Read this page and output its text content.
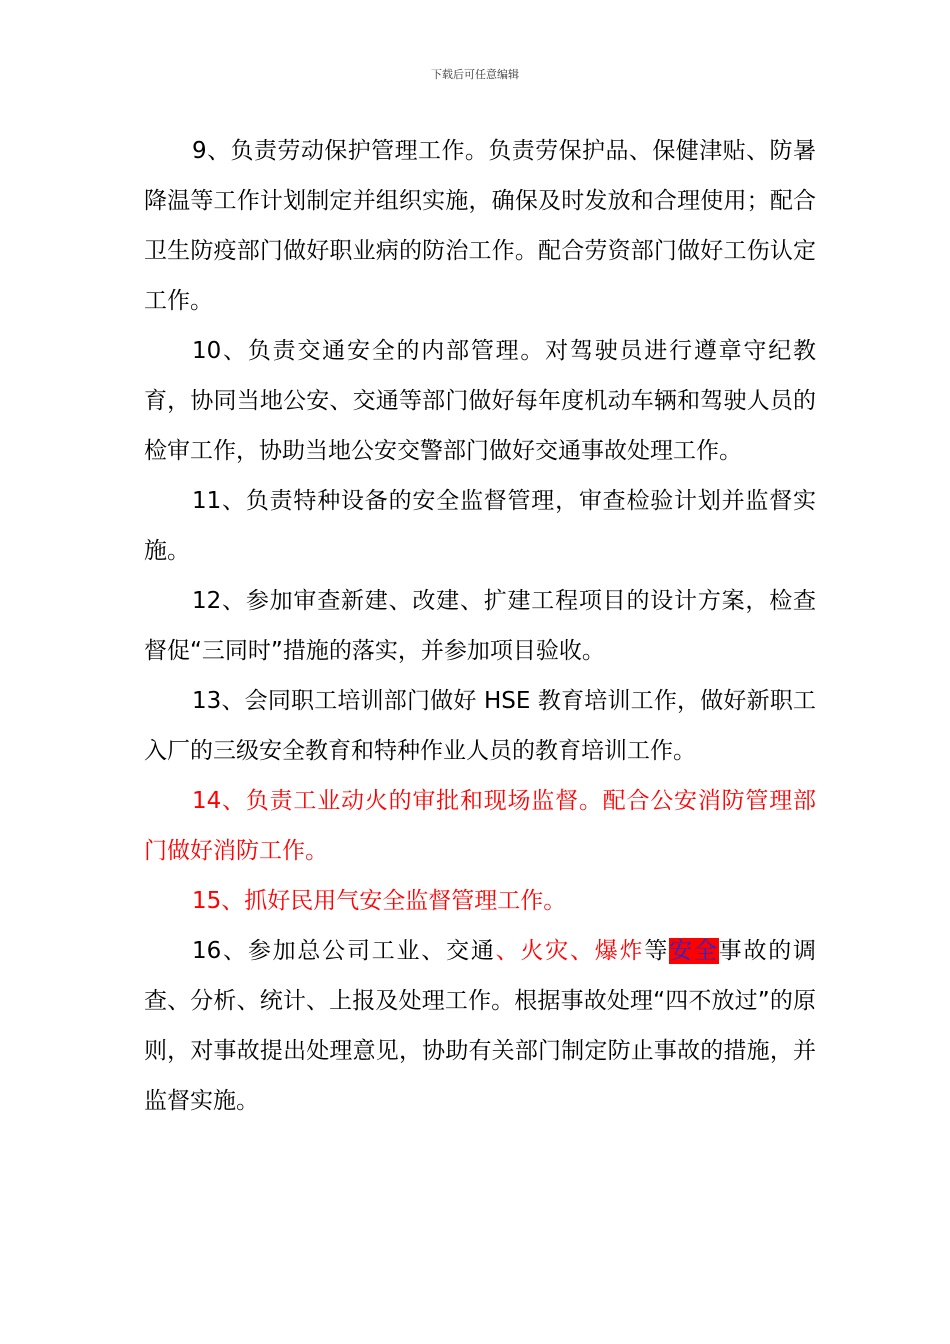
下载后可任意编辑

9、负责劳动保护管理工作。负责劳保护品、保健津贴、防暑降温等工作计划制定并组织实施，确保及时发放和合理使用；配合卫生防疫部门做好职业病的防治工作。配合劳资部门做好工伤认定工作。

10、负责交通安全的内部管理。对驾驶员进行遵章守纪教育，协同当地公安、交通等部门做好每年度机动车辆和驾驶人员的检审工作，协助当地公安交警部门做好交通事故处理工作。

11、负责特种设备的安全监督管理，审查检验计划并监督实施。

12、参加审查新建、改建、扩建工程项目的设计方案，检查督促“三同时”措施的落实，并参加项目验收。

13、会同职工培训部门做好 HSE 教育培训工作，做好新职工入厂的三级安全教育和特种作业人员的教育培训工作。

14、负责工业动火的审批和现场监督。配合公安消防管理部门做好消防工作。

15、抓好民用气安全监督管理工作。

16、参加总公司工业、交通、火灾、爆炸等安全事故的调查、分析、统计、上报及处理工作。根据事故处理“四不放过”的原则，对事故提出处理意见，协助有关部门制定防止事故的措施，并监督实施。
